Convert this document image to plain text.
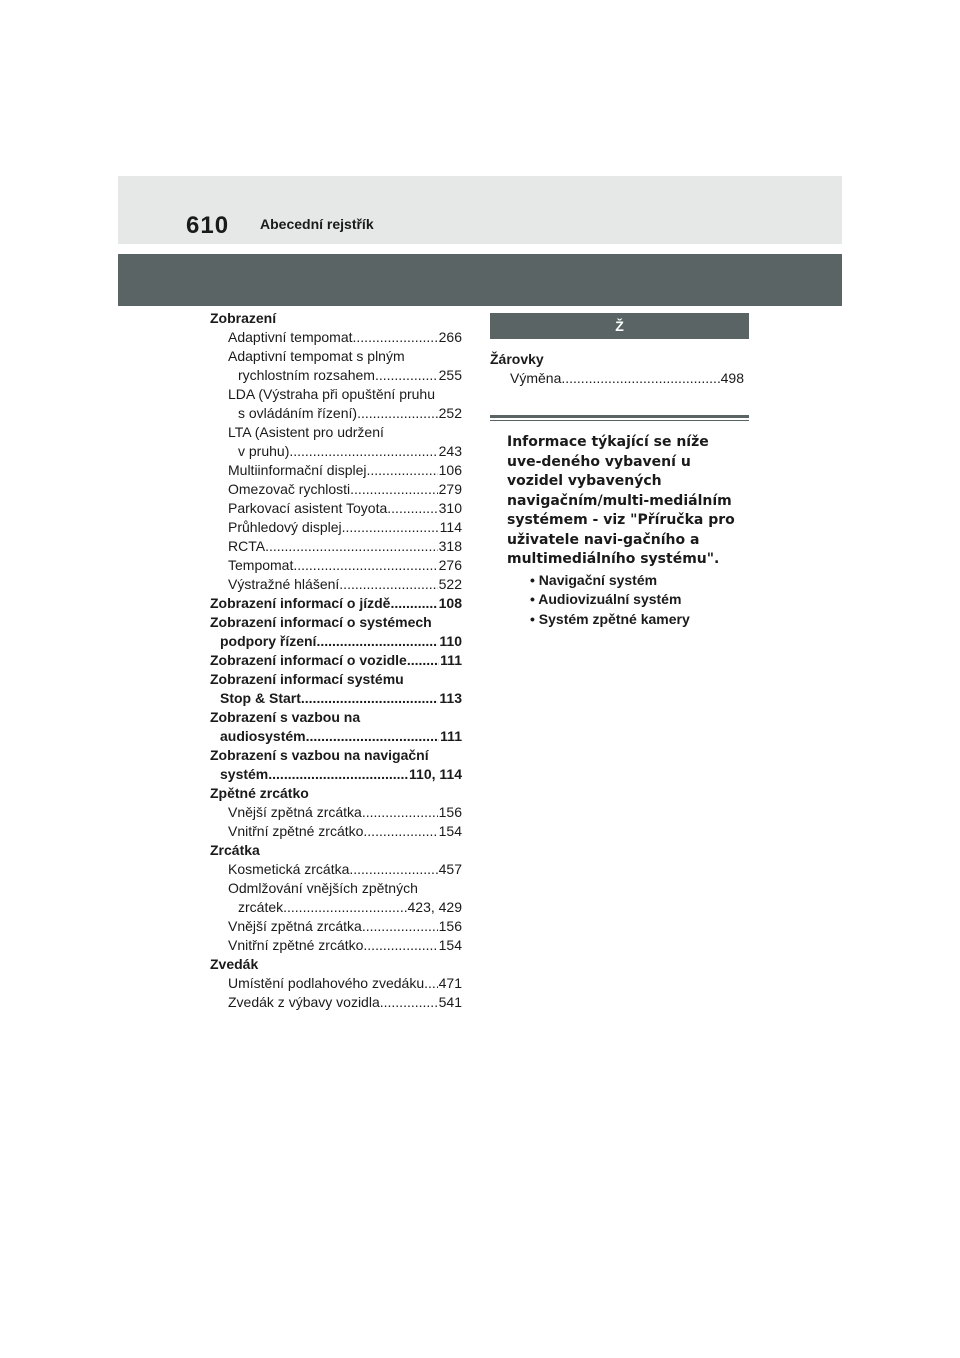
610 Abecední rejstřík
Zobrazení
Adaptivní tempomat .....	266
Adaptivní tempomat s plným
rychlostním rozsahem .....	255
LDA (Výstraha při opuštění pruhu
s ovládáním řízení) .....	252
LTA (Asistent pro udržení
v pruhu) .....	243
Multiinformační displej .....	106
Omezovač rychlosti .....	279
Parkovací asistent Toyota .....	310
Průhledový displej .....	114
RCTA .....	318
Tempomat .....	276
Výstražné hlášení .....	522
Zobrazení informací o jízdě .....	108
Zobrazení informací o systémech
podpory řízení .....	110
Zobrazení informací o vozidle ..... 111
Zobrazení informací systému
Stop & Start .....	113
Zobrazení s vazbou na
audiosystém .....	111
Zobrazení s vazbou na navigační
systém .....	110, 114
Zpětné zrcátko
Vnější zpětná zrcátka .....	156
Vnitřní zpětné zrcátko .....	154
Zrcátka
Kosmetická zrcátka .....	457
Odmlžování vnějších zpětných
zrcátek .....	423, 429
Vnější zpětná zrcátka .....	156
Vnitřní zpětné zrcátko .....	154
Zvedák
Umístění podlahového zvedáku ..... 471
Zvedák z výbavy vozidla .....	541
Ž
Žárovky
Výměna .....	498
Informace týkající se níže uve-deného vybavení u vozidel vybavených navigačním/multi-mediálním systémem - viz "Příručka pro uživatele navi-gačního a multimediálního systému".
• Navigační systém
• Audiovizuální systém
• Systém zpětné kamery
